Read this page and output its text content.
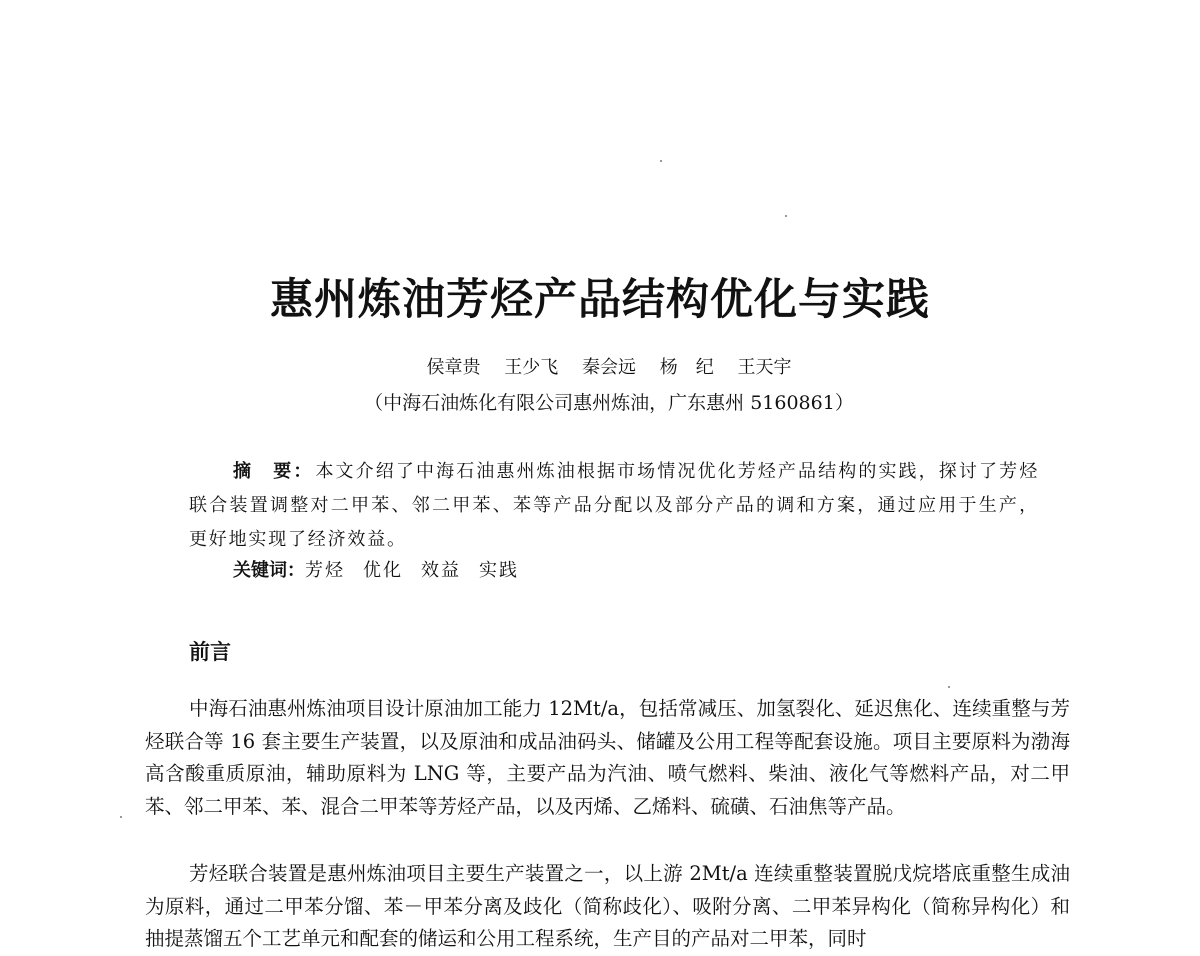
惠州炼油芳烃产品结构优化与实践
侯章贵 王少飞 秦会远 杨　纪 王天宇
（中海石油炼化有限公司惠州炼油，广东惠州 5160861）
摘　要： 本文介绍了中海石油惠州炼油根据市场情况优化芳烃产品结构的实践，探讨了芳烃联合装置调整对二甲苯、邻二甲苯、苯等产品分配以及部分产品的调和方案，通过应用于生产，更好地实现了经济效益。
关键词：芳烃 优化 效益 实践
前言
中海石油惠州炼油项目设计原油加工能力 12Mt/a，包括常减压、加氢裂化、延迟焦化、连续重整与芳烃联合等 16 套主要生产装置，以及原油和成品油码头、储罐及公用工程等配套设施。项目主要原料为渤海高含酸重质原油，辅助原料为 LNG 等，主要产品为汽油、喷气燃料、柴油、液化气等燃料产品，对二甲苯、邻二甲苯、苯、混合二甲苯等芳烃产品，以及丙烯、乙烯料、硫磺、石油焦等产品。
芳烃联合装置是惠州炼油项目主要生产装置之一，以上游 2Mt/a 连续重整装置脱戊烷塔底重整生成油为原料，通过二甲苯分馏、苯－甲苯分离及歧化（简称歧化）、吸附分离、二甲苯异构化（简称异构化）和抽提蒸馏五个工艺单元和配套的储运和公用工程系统，生产目的产品对二甲苯，同时
